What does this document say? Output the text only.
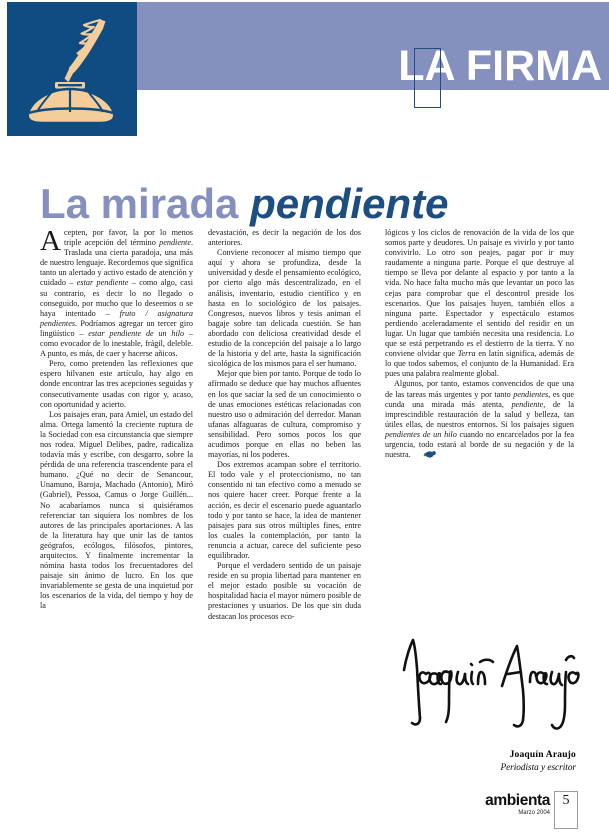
LA FIRMA
La mirada pendiente
A cepten, por favor, la por lo menos triple acepción del término pendiente. Traslada una cierta paradoja, una más de nuestro lenguaje. Recordemos que significa tanto un alertado y activo estado de atención y cuidado – estar pendiente – como algo, casi su contrario, es decir lo no llegado o conseguido, por mucho que lo deseemos o se haya intentado – fruto / asignatura pendientes. Podríamos agregar un tercer giro lingüístico – estar pendiente de un hilo – como evocador de lo inestable, frágil, deleble. A punto, es más, de caer y hacerse añicos.

Pero, como pretenden las reflexiones que espero hilvanen este artículo, hay algo en donde encontrar las tres acepciones seguidas y consecutivamente usadas con rigor y, acaso, con oportunidad y acierto.

Los paisajes eran, para Amiel, un estado del alma. Ortega lamentó la creciente ruptura de la Sociedad con esa circunstancia que siempre nos rodea. Miguel Delibes, padre, radicaliza todavía más y escribe, con desgarro, sobre la pérdida de una referencia trascendente para el humano. ¿Qué no decir de Senancour, Unamuno, Baroja, Machado (Antonio), Miró (Gabriel), Pessoa, Camus o Jorge Guillén... No acabaríamos nunca si quisiéramos referenciar tan siquiera los nombres de los autores de las principales aportaciones. A las de la literatura hay que unir las de tantos geógrafos, ecólogos, filósofos, pintores, arquitectos. Y finalmente incrementar la nómina hasta todos los frecuentadores del paisaje sin ánimo de lucro. En los que invariablemente se gesta de una inquietud por los escenarios de la vida, del tiempo y hoy de la

devastación, es decir la negación de los dos anteriores.

Conviene reconocer al mismo tiempo que aquí y ahora se profundiza, desde la universidad y desde el pensamiento ecológico, por cierto algo más descentralizado, en el análisis, inventario, estudio científico y en hasta en lo sociológico de los paisajes. Congresos, nuevos libros y tesis animan el bagaje sobre tan delicada cuestión. Se han abordado con deliciosa creatividad desde el estudio de la concepción del paisaje a lo largo de la historia y del arte, hasta la significación sicológica de los mismos para el ser humano.

Mejor que bien por tanto. Porque de todo lo afirmado se deduce que hay muchos afluentes en los que saciar la sed de un conocimiento o de unas emociones estéticas relacionadas con nuestro uso o admiración del derredor. Manan ufanas alfaguaras de cultura, compromiso y sensibilidad. Pero somos pocos los que acudimos porque en ellas no beben las mayorías, ni los poderes.

Dos extremos acampan sobre el territorio. El todo vale y el proteccionismo, no tan consentido ni tan efectivo como a menudo se nos quiere hacer creer. Porque frente a la acción, es decir el escenario puede aguantarlo todo y por tanto se hace, la idea de mantener paisajes para sus otros múltiples fines, entre los cuales la contemplación, por tanto la renuncia a actuar, carece del suficiente peso equilibrador.

Porque el verdadero sentido de un paisaje reside en su propia libertad para mantener en el mejor estado posible su vocación de hospitalidad hacia el mayor número posible de prestaciones y usuarios. De los que sin duda destacan los procesos eco-

lógicos y los ciclos de renovación de la vida de los que somos parte y deudores. Un paisaje es vivirlo y por tanto convivirlo. Lo otro son peajes, pagar por ir muy raudamente a ninguna parte. Porque el que destruye al tiempo se lleva por delante al espacio y por tanto a la vida. No hace falta mucho más que levantar un poco las cejas para comprobar que el descontrol preside los escenarios. Que los paisajes huyen, también ellos a ninguna parte. Espectador y espectáculo estamos perdiendo aceleradamente el sentido del residir en un lugar. Un lugar que también necesita una residencia. Lo que se está perpetrando es el destierro de la tierra. Y no conviene olvidar que Terra en latín significa, además de lo que todos sabemos, el conjunto de la Humanidad. Era pues una palabra realmente global.

Algunos, por tanto, estamos convencidos de que una de las tareas más urgentes y por tanto pendientes, es que cunda una mirada más atenta, pendiente, de la imprescindible restauración de la salud y belleza, tan útiles ellas, de nuestros entornos. Si los paisajes siguen pendientes de un hilo cuando no encarcelados por la fea urgencia, todo estará al borde de su negación y de la nuestra.

Joaquín Araujo
Periodista y escritor
ambienta
Marzo 2004
5
